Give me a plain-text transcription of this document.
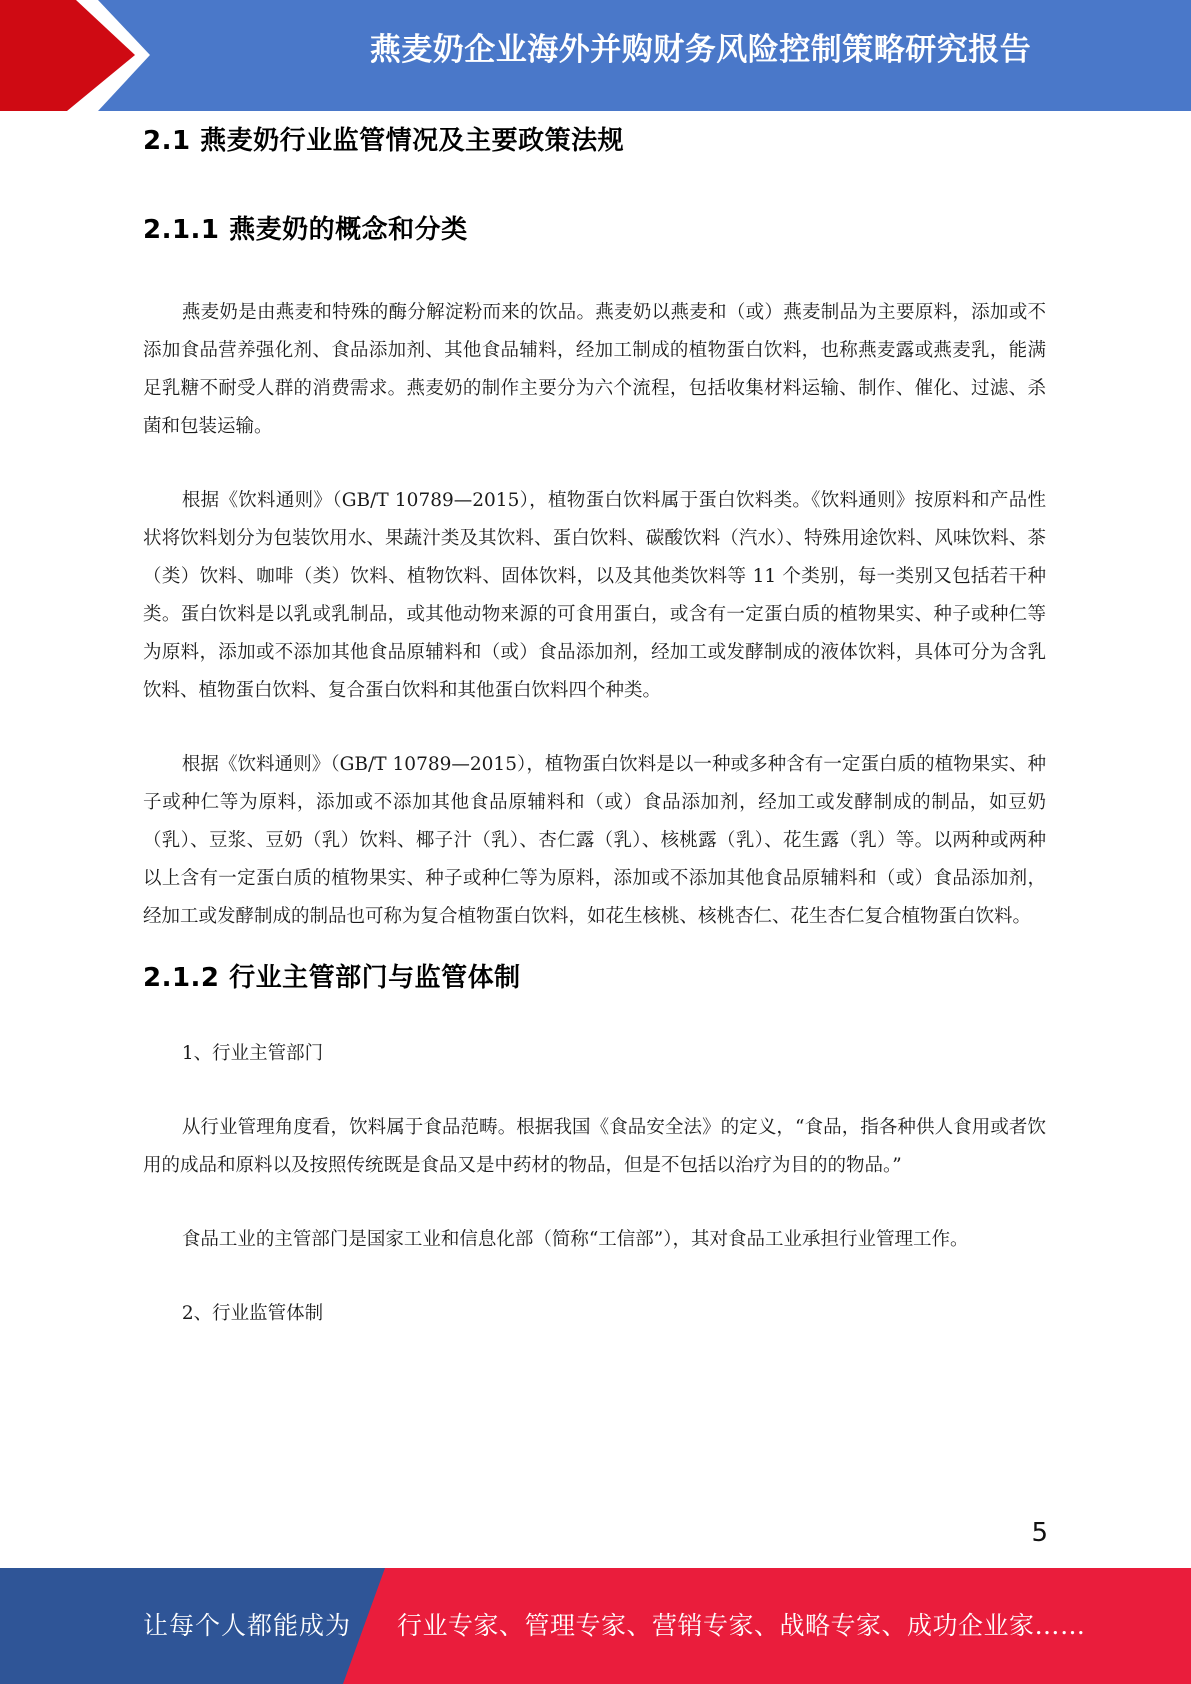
燕麦奶企业海外并购财务风险控制策略研究报告
2.1 燕麦奶行业监管情况及主要政策法规
2.1.1 燕麦奶的概念和分类

燕麦奶是由燕麦和特殊的酶分解淀粉而来的饮品。燕麦奶以燕麦和（或）燕麦制品为主要原料，添加或不添加食品营养强化剂、食品添加剂、其他食品辅料，经加工制成的植物蛋白饮料，也称燕麦露或燕麦乳，能满足乳糖不耐受人群的消费需求。燕麦奶的制作主要分为六个流程，包括收集材料运输、制作、催化、过滤、杀菌和包装运输。

根据《饮料通则》（GB/T 10789—2015），植物蛋白饮料属于蛋白饮料类。《饮料通则》按原料和产品性状将饮料划分为包装饮用水、果蔬汁类及其饮料、蛋白饮料、碳酸饮料（汽水）、特殊用途饮料、风味饮料、茶（类）饮料、咖啡（类）饮料、植物饮料、固体饮料，以及其他类饮料等 11 个类别，每一类别又包括若干种类。蛋白饮料是以乳或乳制品，或其他动物来源的可食用蛋白，或含有一定蛋白质的植物果实、种子或种仁等为原料，添加或不添加其他食品原辅料和（或）食品添加剂，经加工或发酵制成的液体饮料，具体可分为含乳饮料、植物蛋白饮料、复合蛋白饮料和其他蛋白饮料四个种类。

根据《饮料通则》（GB/T 10789—2015），植物蛋白饮料是以一种或多种含有一定蛋白质的植物果实、种子或种仁等为原料，添加或不添加其他食品原辅料和（或）食品添加剂，经加工或发酵制成的制品，如豆奶（乳）、豆浆、豆奶（乳）饮料、椰子汁（乳）、杏仁露（乳）、核桃露（乳）、花生露（乳）等。以两种或两种以上含有一定蛋白质的植物果实、种子或种仁等为原料，添加或不添加其他食品原辅料和（或）食品添加剂，经加工或发酵制成的制品也可称为复合植物蛋白饮料，如花生核桃、核桃杏仁、花生杏仁复合植物蛋白饮料。

2.1.2 行业主管部门与监管体制

1、行业主管部门

从行业管理角度看，饮料属于食品范畴。根据我国《食品安全法》的定义，“食品，指各种供人食用或者饮用的成品和原料以及按照传统既是食品又是中药材的物品，但是不包括以治疗为目的的物品。”

食品工业的主管部门是国家工业和信息化部（简称“工信部”），其对食品工业承担行业管理工作。

2、行业监管体制

5
让每个人都能成为 行业专家、管理专家、营销专家、战略专家、成功企业家……
